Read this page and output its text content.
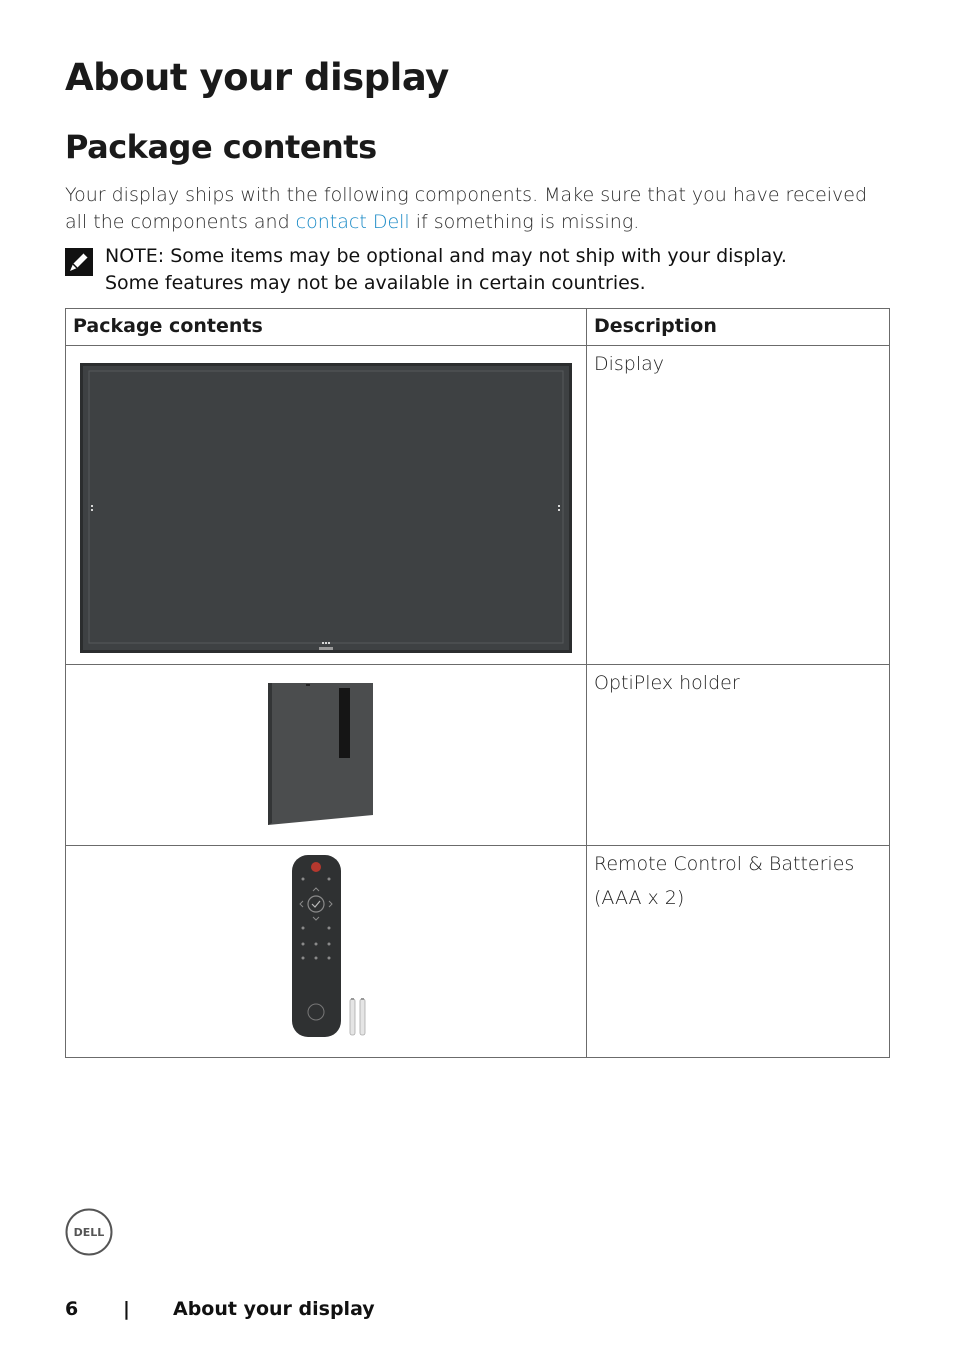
About your display
Package contents

Your display ships with the following components. Make sure that you have received all the components and contact Dell if something is missing.

NOTE: Some items may be optional and may not ship with your display.
Some features may not be available in certain countries.

Package contents	Description
	Display
	OptiPlex holder
	Remote Control & Batteries
(AAA x 2)
DELL
6 | About your display
